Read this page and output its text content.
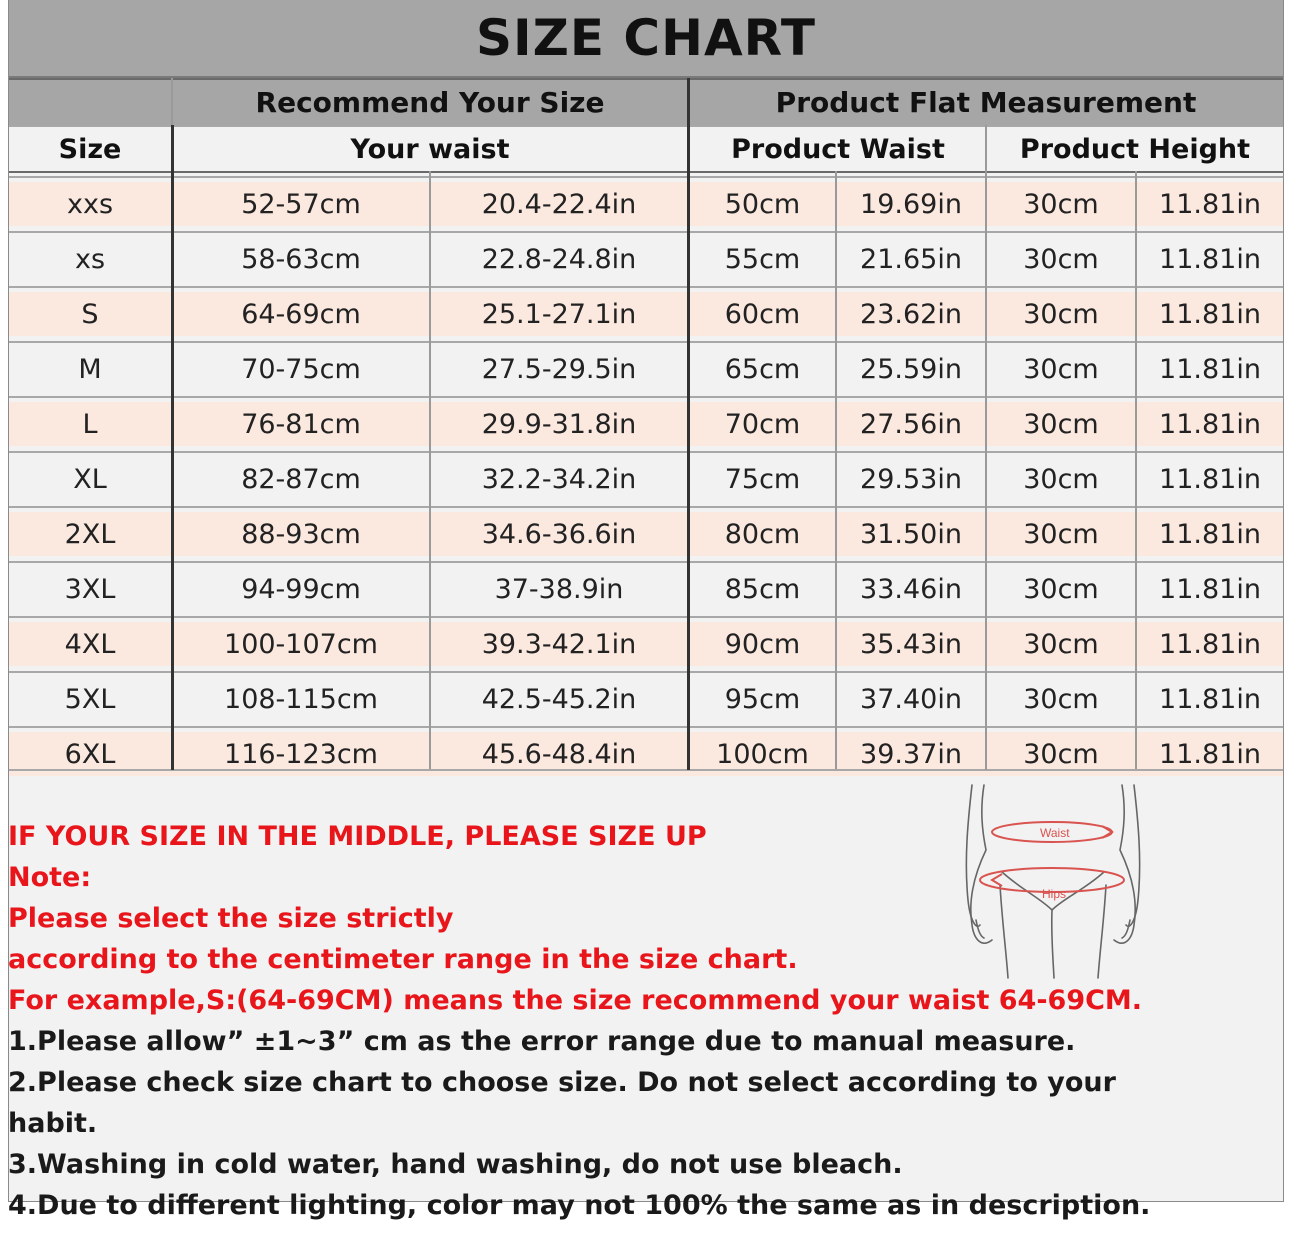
SIZE CHART
Recommend Your Size	Product Flat Measurement
Size	Your waist	Product Waist	Product Height
xxs	52-57cm	20.4-22.4in	50cm	19.69in	30cm	11.81in
xs	58-63cm	22.8-24.8in	55cm	21.65in	30cm	11.81in
S	64-69cm	25.1-27.1in	60cm	23.62in	30cm	11.81in
M	70-75cm	27.5-29.5in	65cm	25.59in	30cm	11.81in
L	76-81cm	29.9-31.8in	70cm	27.56in	30cm	11.81in
XL	82-87cm	32.2-34.2in	75cm	29.53in	30cm	11.81in
2XL	88-93cm	34.6-36.6in	80cm	31.50in	30cm	11.81in
3XL	94-99cm	37-38.9in	85cm	33.46in	30cm	11.81in
4XL	100-107cm	39.3-42.1in	90cm	35.43in	30cm	11.81in
5XL	108-115cm	42.5-45.2in	95cm	37.40in	30cm	11.81in
6XL	116-123cm	45.6-48.4in	100cm	39.37in	30cm	11.81in
IF YOUR SIZE IN THE MIDDLE, PLEASE SIZE UP
Note:
Please select the size strictly
according to the centimeter range in the size chart.
For example,S:(64-69CM) means the size recommend your waist 64-69CM.
1.Please allow” ±1~3” cm as the error range due to manual measure.
2.Please check size chart to choose size. Do not select according to your habit.
3.Washing in cold water, hand washing, do not use bleach.
4.Due to different lighting, color may not 100% the same as in description.
Waist
Hips
